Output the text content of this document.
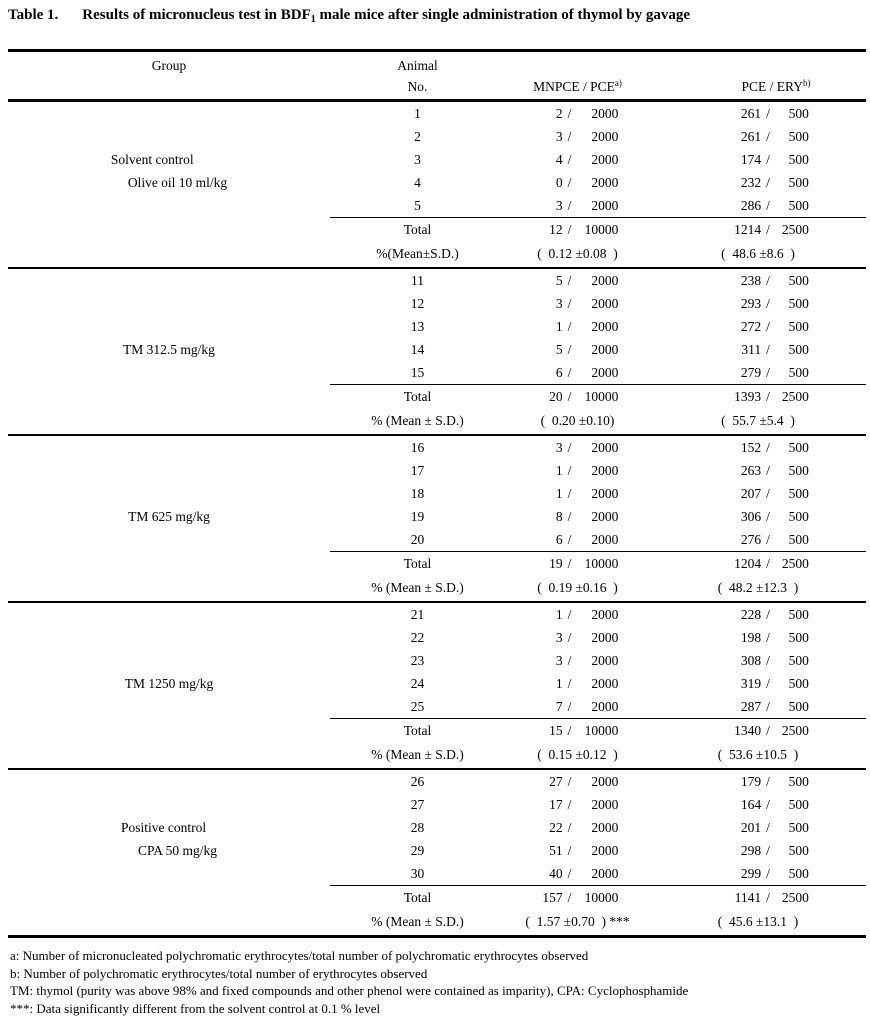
Table 1. Results of micronucleus test in $BDF_1$ male mice after single administration of thymol by gavage
Group	Animal		
	No.	MNPCE / PCE$^{a)}$	PCE / ERY$^{b)}$

Solvent control
Olive oil 10 ml/kg	1	2 / 2000	261 / 500
	2	3 / 2000	261 / 500
	3	4 / 2000	174 / 500
	4	0 / 2000	232 / 500
	5	3 / 2000	286 / 500
	Total	12 / 10000	1214 / 2500
	%(Mean±S.D.)	(  0.12 ±0.08  )	(  48.6 ±8.6  )

TM 312.5 mg/kg	11	5 / 2000	238 / 500
	12	3 / 2000	293 / 500
	13	1 / 2000	272 / 500
	14	5 / 2000	311 / 500
	15	6 / 2000	279 / 500
	Total	20 / 10000	1393 / 2500
	% (Mean ± S.D.)	(  0.20 ±0.10)	(  55.7 ±5.4  )

TM 625 mg/kg	16	3 / 2000	152 / 500
	17	1 / 2000	263 / 500
	18	1 / 2000	207 / 500
	19	8 / 2000	306 / 500
	20	6 / 2000	276 / 500
	Total	19 / 10000	1204 / 2500
	% (Mean ± S.D.)	(  0.19 ±0.16  )	(  48.2 ±12.3  )

TM 1250 mg/kg	21	1 / 2000	228 / 500
	22	3 / 2000	198 / 500
	23	3 / 2000	308 / 500
	24	1 / 2000	319 / 500
	25	7 / 2000	287 / 500
	Total	15 / 10000	1340 / 2500
	% (Mean ± S.D.)	(  0.15 ±0.12  )	(  53.6 ±10.5  )

Positive control
CPA 50 mg/kg	26	27 / 2000	179 / 500
	27	17 / 2000	164 / 500
	28	22 / 2000	201 / 500
	29	51 / 2000	298 / 500
	30	40 / 2000	299 / 500
	Total	157 / 10000	1141 / 2500
	% (Mean ± S.D.)	(  1.57 ±0.70  ) ***	(  45.6 ±13.1  )
a: Number of micronucleated polychromatic erythrocytes/total number of polychromatic erythrocytes observed
b: Number of polychromatic erythrocytes/total number of erythrocytes observed
TM: thymol (purity was above 98% and fixed compounds and other phenol were contained as imparity), CPA: Cyclophosphamide
***: Data significantly different from the solvent control at 0.1 % level
